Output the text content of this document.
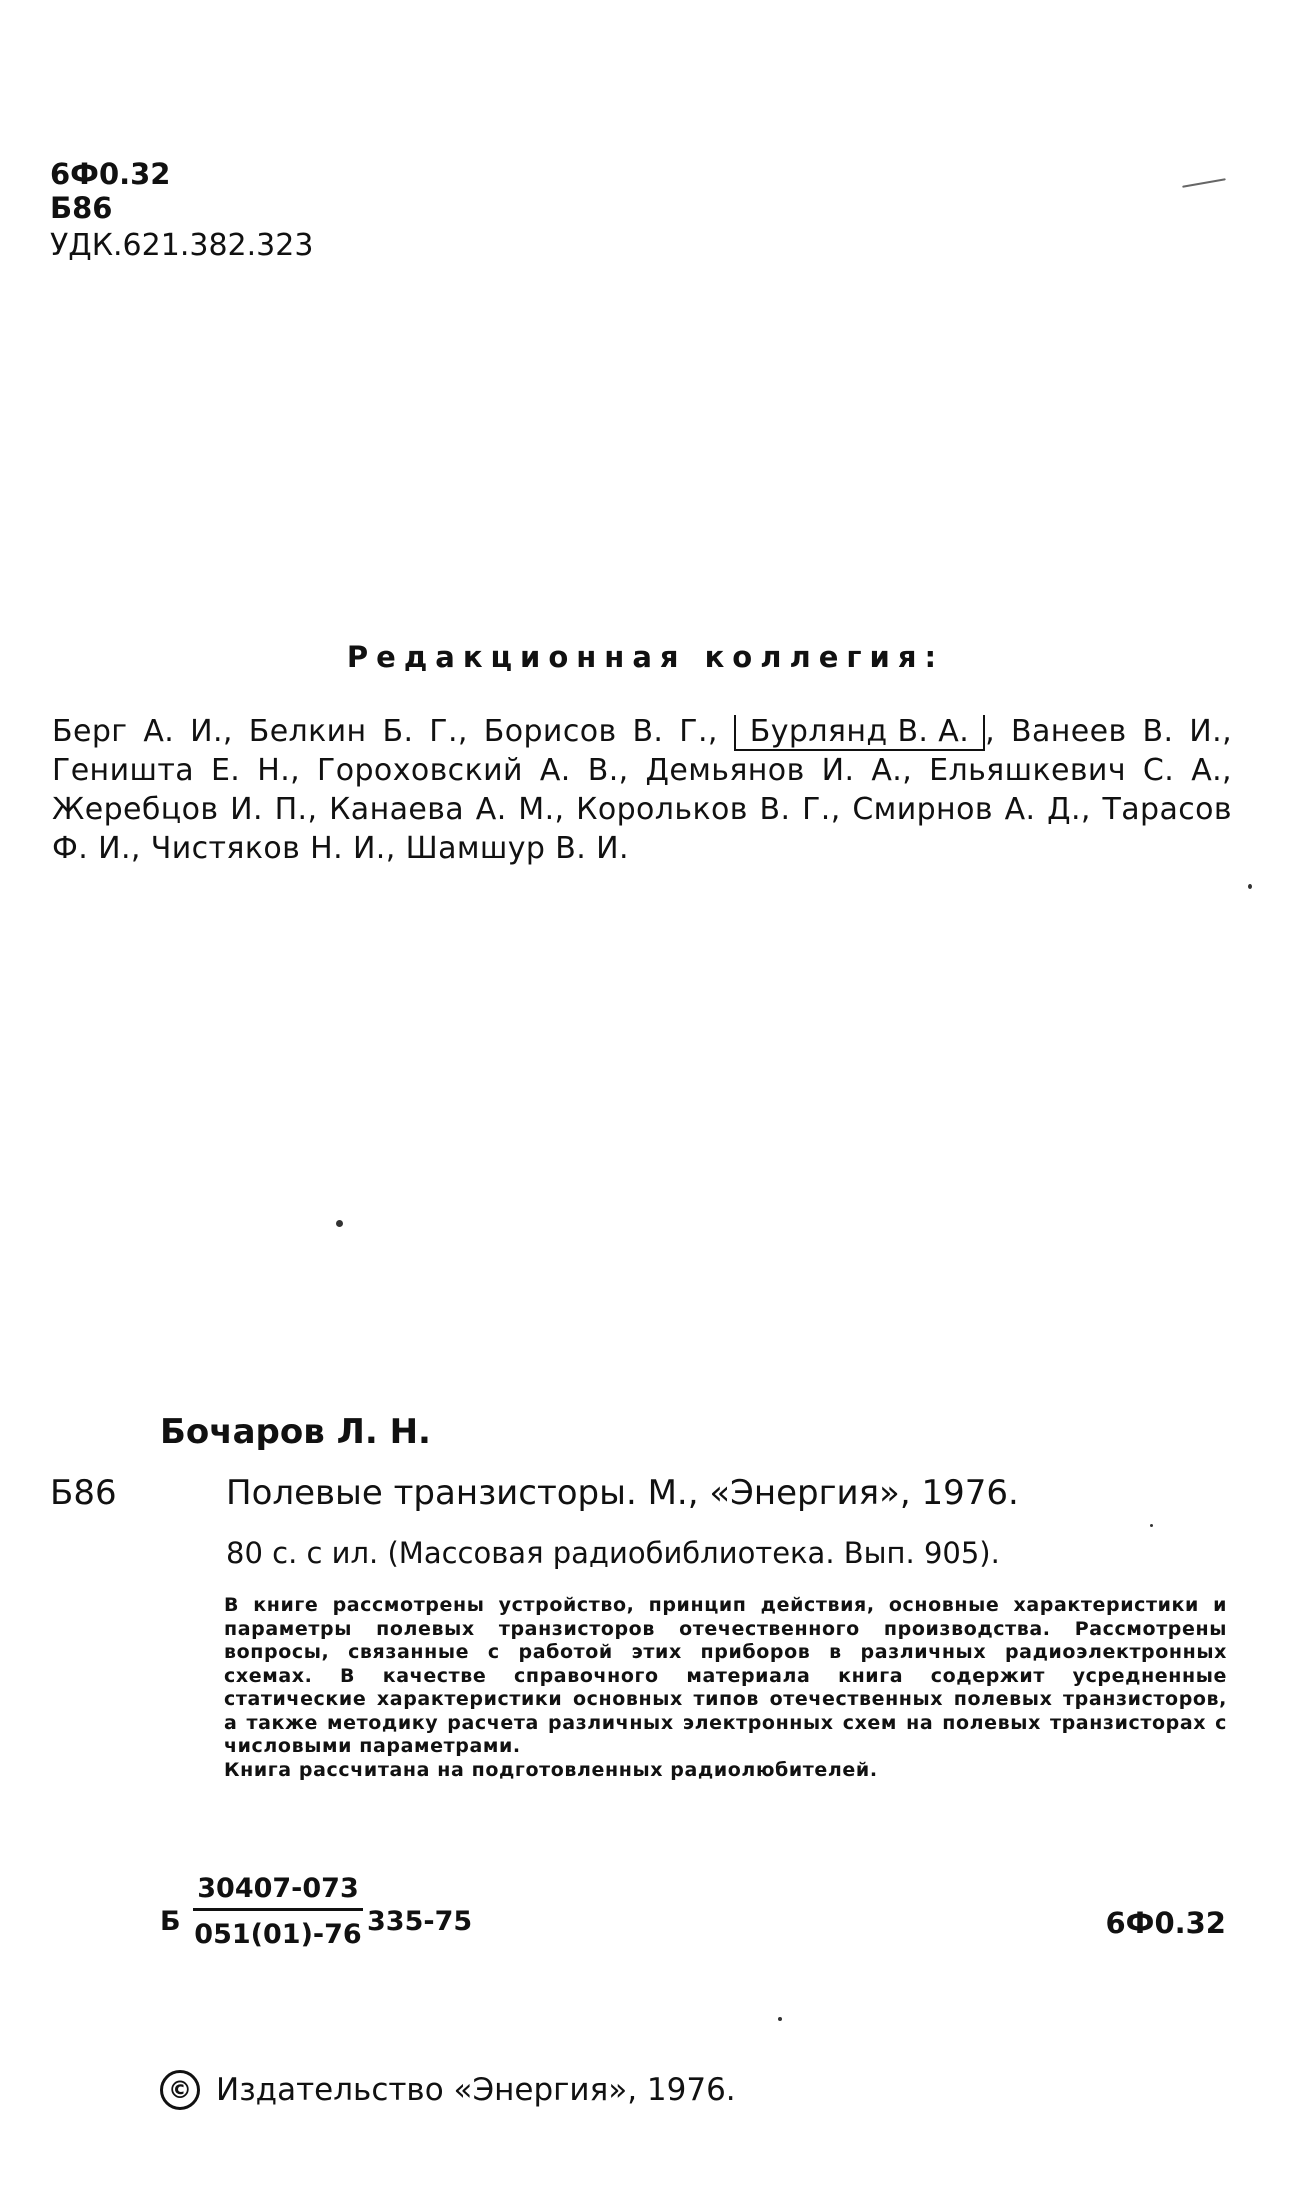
6Ф0.32
Б86
УДК.621.382.323
Редакционная коллегия:
Берг А. И., Белкин Б. Г., Борисов В. Г., Бурлянд В. А. , Ванеев В. И., Геништа Е. Н., Гороховский А. В., Демьянов И. А., Ельяшкевич С. А., Жеребцов И. П., Канаева А. М., Корольков В. Г., Смирнов А. Д., Тарасов Ф. И., Чистяков Н. И., Шамшур В. И.
Бочаров Л. Н.
Б86	Полевые транзисторы. М., «Энергия», 1976.
80 с. с ил. (Массовая радиобиблиотека. Вып. 905).

В книге рассмотрены устройство, принцип действия, основные характеристики и параметры полевых транзисторов отечественного производства. Рассмотрены вопросы, связанные с работой этих приборов в различных радиоэлектронных схемах. В качестве справочного материала книга содержит усредненные статические характеристики основных типов отечественных полевых транзисторов, а также методику расчета различных электронных схем на полевых транзисторах с числовыми параметрами.

Книга рассчитана на подготовленных радиолюбителей.

Б $\frac{30407-073}{051(01)-76} 335-75$	6Ф0.32
© Издательство «Энергия», 1976.
